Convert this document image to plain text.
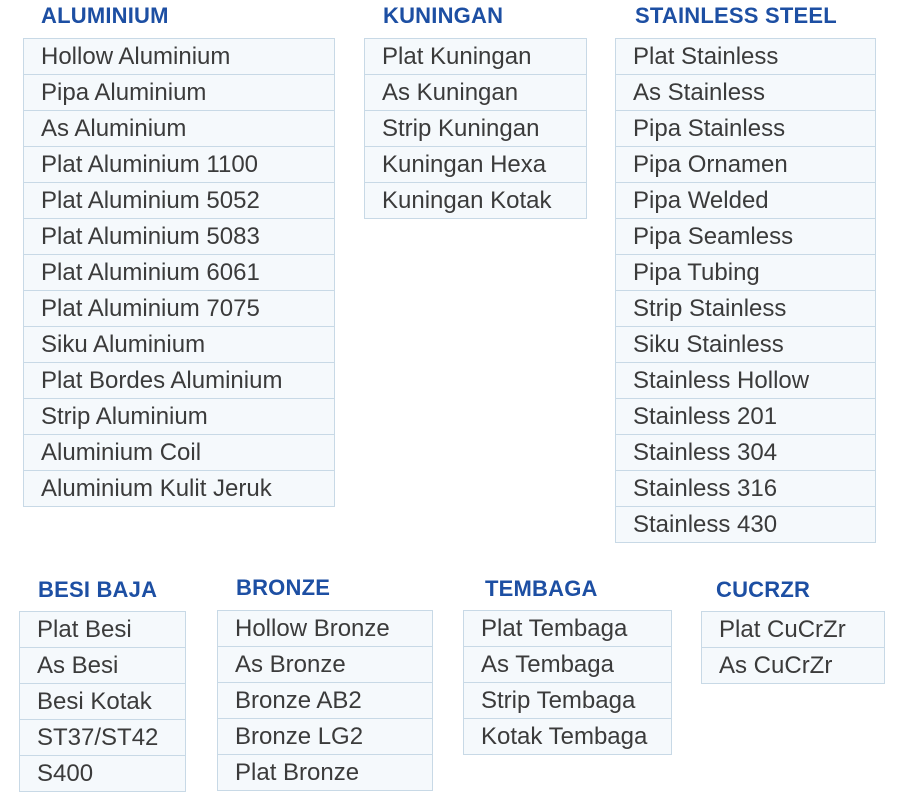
ALUMINIUM
Hollow Aluminium
Pipa Aluminium
As Aluminium
Plat Aluminium 1100
Plat Aluminium 5052
Plat Aluminium 5083
Plat Aluminium 6061
Plat Aluminium 7075
Siku Aluminium
Plat Bordes Aluminium
Strip Aluminium
Aluminium Coil
Aluminium Kulit Jeruk
KUNINGAN
Plat Kuningan
As Kuningan
Strip Kuningan
Kuningan Hexa
Kuningan Kotak
STAINLESS STEEL
Plat Stainless
As Stainless
Pipa Stainless
Pipa Ornamen
Pipa Welded
Pipa Seamless
Pipa Tubing
Strip Stainless
Siku Stainless
Stainless Hollow
Stainless 201
Stainless 304
Stainless 316
Stainless 430
BESI BAJA
Plat Besi
As Besi
Besi Kotak
ST37/ST42
S400
BRONZE
Hollow Bronze
As Bronze
Bronze AB2
Bronze LG2
Plat Bronze
TEMBAGA
Plat Tembaga
As Tembaga
Strip Tembaga
Kotak Tembaga
CUCRZR
Plat CuCrZr
As CuCrZr
